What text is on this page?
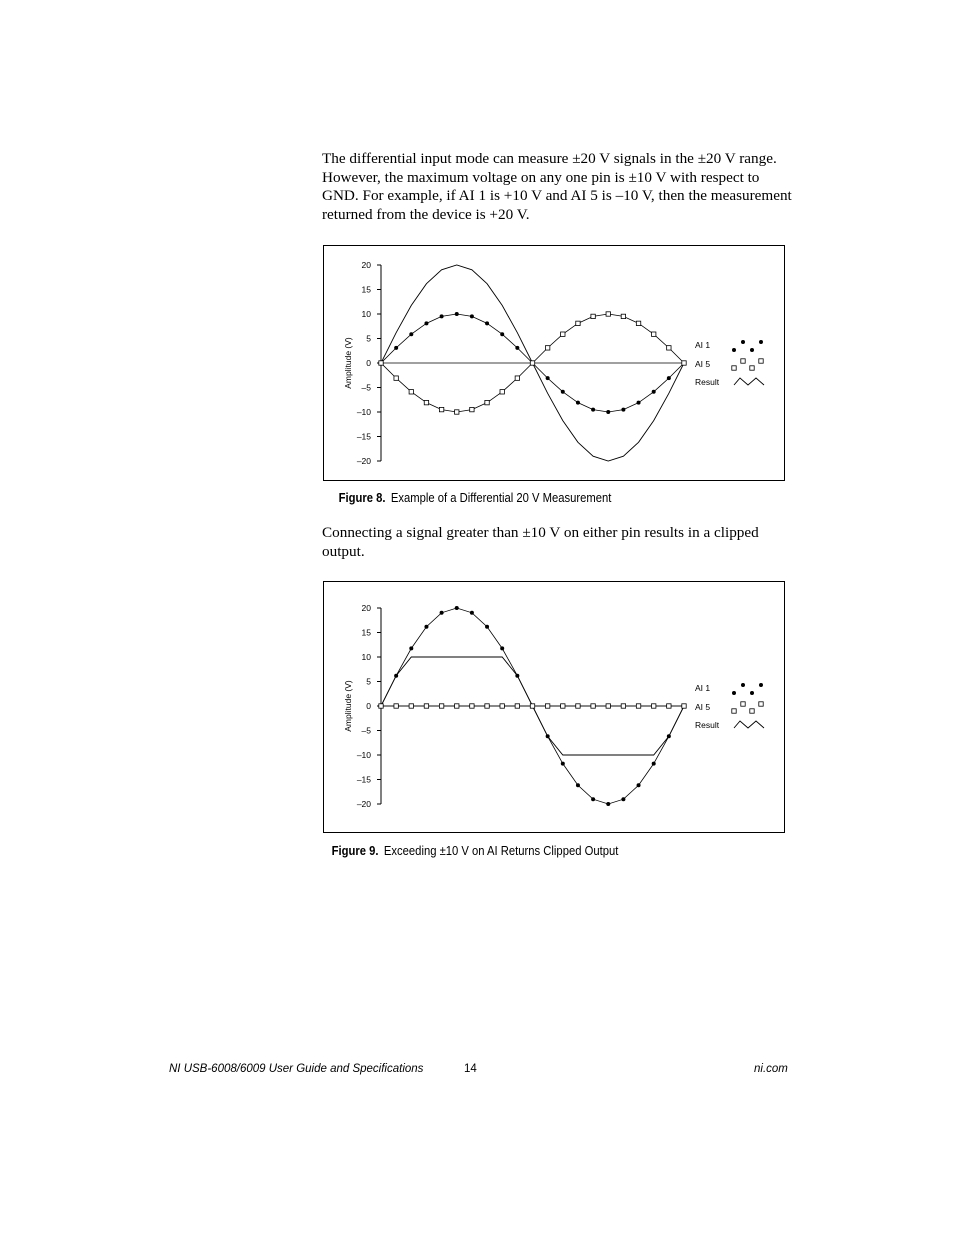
The differential input mode can measure ±20 V signals in the ±20 V range. However, the maximum voltage on any one pin is ±10 V with respect to GND. For example, if AI 1 is +10 V and AI 5 is –10 V, then the measurement returned from the device is +20 V.

20
15
10
5
0
–5
–10
–15
–20
Amplitude (V)	AI 1
AI 5
Result
Figure 8. Example of a Differential 20 V Measurement

Connecting a signal greater than ±10 V on either pin results in a clipped output.

20
15
10
5
0
–5
–10
–15
–20
Amplitude (V)	AI 1
AI 5
Result
Figure 9. Exceeding ±10 V on AI Returns Clipped Output
NI USB-6008/6009 User Guide and Specifications	14	ni.com
